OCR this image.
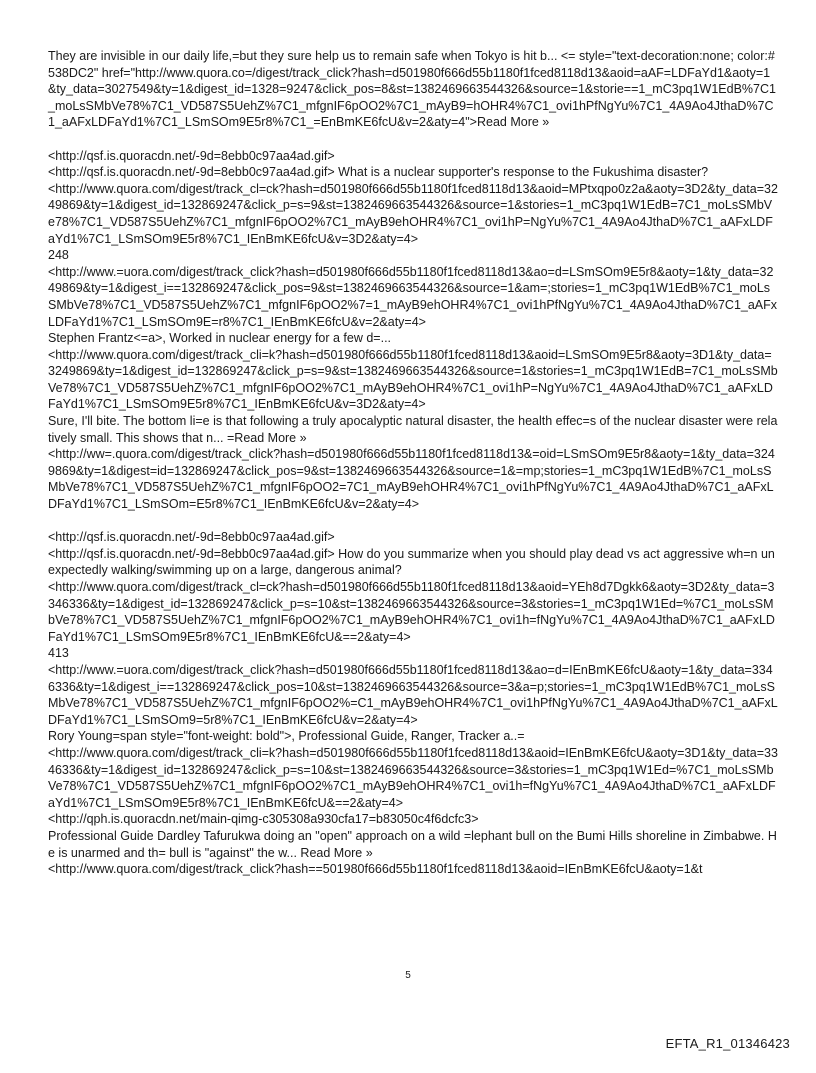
They are invisible in our daily life,=but they sure help us to remain safe when Tokyo is hit b... <= style="text-decoration:none; color:#538DC2" href="http://www.quora.co=/digest/track_click?hash=d501980f666d55b1180f1fced8118d13&aoid=aAF=LDFaYd1&aoty=1&ty_data=3027549&ty=1&digest_id=1328=9247&click_pos=8&st=1382469663544326&source=1&storie==1_mC3pq1W1EdB%7C1_moLsSMbVe78%7C1_VD587S5UehZ%7C1_mfgnIF6pOO2%7C1_mAyB9=hOHR4%7C1_ovi1hPfNgYu%7C1_4A9Ao4JthaD%7C1_aAFxLDFaYd1%7C1_LSmSOm9E5r8%7C1_=EnBmKE6fcU&v=2&aty=4">Read More »

<http://qsf.is.quoracdn.net/-9d=8ebb0c97aa4ad.gif>

<http://qsf.is.quoracdn.net/-9d=8ebb0c97aa4ad.gif> What is a nuclear supporter's response to the Fukushima disaster?

<http://www.quora.com/digest/track_cl=ck?hash=d501980f666d55b1180f1fced8118d13&aoid=MPtxqpo0z2a&aoty=3D2&ty_data=3249869&ty=1&digest_id=132869247&click_p=s=9&st=1382469663544326&source=1&stories=1_mC3pq1W1EdB=7C1_moLsSMbVe78%7C1_VD587S5UehZ%7C1_mfgnIF6pOO2%7C1_mAyB9ehOHR4%7C1_ovi1hP=NgYu%7C1_4A9Ao4JthaD%7C1_aAFxLDFaYd1%7C1_LSmSOm9E5r8%7C1_IEnBmKE6fcU&v=3D2&aty=4>

248

<http://www.=uora.com/digest/track_click?hash=d501980f666d55b1180f1fced8118d13&ao=d=LSmSOm9E5r8&aoty=1&ty_data=3249869&ty=1&digest_i==132869247&click_pos=9&st=1382469663544326&source=1&am=;stories=1_mC3pq1W1EdB%7C1_moLsSMbVe78%7C1_VD587S5UehZ%7C1_mfgnIF6pOO2%7=1_mAyB9ehOHR4%7C1_ovi1hPfNgYu%7C1_4A9Ao4JthaD%7C1_aAFxLDFaYd1%7C1_LSmSOm9E=r8%7C1_IEnBmKE6fcU&v=2&aty=4>

Stephen Frantz<=a>, Worked in nuclear energy for a few d=...

<http://www.quora.com/digest/track_cli=k?hash=d501980f666d55b1180f1fced8118d13&aoid=LSmSOm9E5r8&aoty=3D1&ty_data=3249869&ty=1&digest_id=132869247&click_p=s=9&st=1382469663544326&source=1&stories=1_mC3pq1W1EdB=7C1_moLsSMbVe78%7C1_VD587S5UehZ%7C1_mfgnIF6pOO2%7C1_mAyB9ehOHR4%7C1_ovi1hP=NgYu%7C1_4A9Ao4JthaD%7C1_aAFxLDFaYd1%7C1_LSmSOm9E5r8%7C1_IEnBmKE6fcU&v=3D2&aty=4>

Sure, I'll bite. The bottom li=e is that following a truly apocalyptic natural disaster, the health effec=s of the nuclear disaster were relatively small. This shows that n... =Read More »

<http://ww=.quora.com/digest/track_click?hash=d501980f666d55b1180f1fced8118d13&=oid=LSmSOm9E5r8&aoty=1&ty_data=3249869&ty=1&digest=id=132869247&click_pos=9&st=1382469663544326&source=1&=mp;stories=1_mC3pq1W1EdB%7C1_moLsSMbVe78%7C1_VD587S5UehZ%7C1_mfgnIF6pOO2=7C1_mAyB9ehOHR4%7C1_ovi1hPfNgYu%7C1_4A9Ao4JthaD%7C1_aAFxLDFaYd1%7C1_LSmSOm=E5r8%7C1_IEnBmKE6fcU&v=2&aty=4>

<http://qsf.is.quoracdn.net/-9d=8ebb0c97aa4ad.gif>

<http://qsf.is.quoracdn.net/-9d=8ebb0c97aa4ad.gif> How do you summarize when you should play dead vs act aggressive wh=n unexpectedly walking/swimming up on a large, dangerous animal?

<http://www.quora.com/digest/track_cl=ck?hash=d501980f666d55b1180f1fced8118d13&aoid=YEh8d7Dgkk6&aoty=3D2&ty_data=3346336&ty=1&digest_id=132869247&click_p=s=10&st=1382469663544326&source=3&stories=1_mC3pq1W1Ed=%7C1_moLsSMbVe78%7C1_VD587S5UehZ%7C1_mfgnIF6pOO2%7C1_mAyB9ehOHR4%7C1_ovi1h=fNgYu%7C1_4A9Ao4JthaD%7C1_aAFxLDFaYd1%7C1_LSmSOm9E5r8%7C1_IEnBmKE6fcU&==2&aty=4>

413

<http://www.=uora.com/digest/track_click?hash=d501980f666d55b1180f1fced8118d13&ao=d=IEnBmKE6fcU&aoty=1&ty_data=3346336&ty=1&digest_i==132869247&click_pos=10&st=1382469663544326&source=3&a=p;stories=1_mC3pq1W1EdB%7C1_moLsSMbVe78%7C1_VD587S5UehZ%7C1_mfgnIF6pOO2%=C1_mAyB9ehOHR4%7C1_ovi1hPfNgYu%7C1_4A9Ao4JthaD%7C1_aAFxLDFaYd1%7C1_LSmSOm9=5r8%7C1_IEnBmKE6fcU&v=2&aty=4>

Rory Young=span style="font-weight: bold">, Professional Guide, Ranger, Tracker a..=

<http://www.quora.com/digest/track_cli=k?hash=d501980f666d55b1180f1fced8118d13&aoid=IEnBmKE6fcU&aoty=3D1&ty_data=3346336&ty=1&digest_id=132869247&click_p=s=10&st=1382469663544326&source=3&stories=1_mC3pq1W1Ed=%7C1_moLsSMbVe78%7C1_VD587S5UehZ%7C1_mfgnIF6pOO2%7C1_mAyB9ehOHR4%7C1_ovi1h=fNgYu%7C1_4A9Ao4JthaD%7C1_aAFxLDFaYd1%7C1_LSmSOm9E5r8%7C1_IEnBmKE6fcU&==2&aty=4>

<http://qph.is.quoracdn.net/main-qimg-c305308a930cfa17=b83050c4f6dcfc3>

Professional Guide Dardley Tafurukwa doing an "open" approach on a wild =lephant bull on the Bumi Hills shoreline in Zimbabwe. He is unarmed and th= bull is "against" the w... Read More »

<http://www.quora.com/digest/track_click?hash==501980f666d55b1180f1fced8118d13&aoid=IEnBmKE6fcU&aoty=1&t

5
EFTA_R1_01346423
